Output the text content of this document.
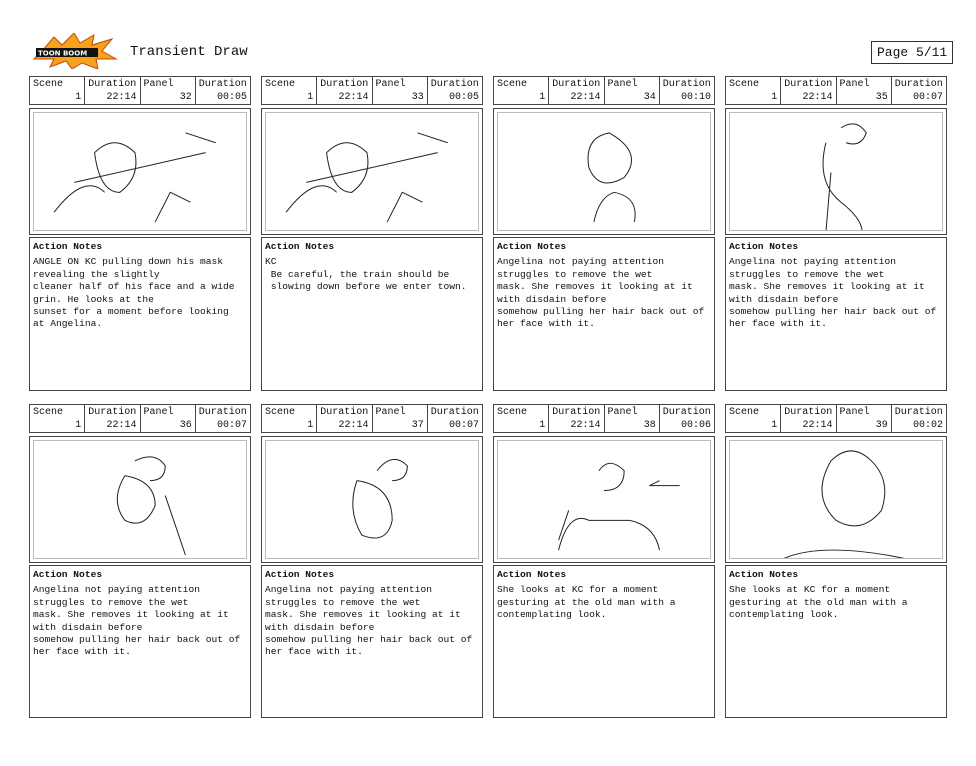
TOON BOOM	Transient Draw	Page 5/11
Scene
1
Duration
22:14
Panel
32
Duration
00:05
Action Notes
ANGLE ON KC pulling down his mask
revealing the slightly
cleaner half of his face and a wide
grin. He looks at the
sunset for a moment before looking
at Angelina.
Scene
1
Duration
22:14
Panel
33
Duration
00:05
Action Notes
KC
Be careful, the train should be
slowing down before we enter town.
Scene
1
Duration
22:14
Panel
34
Duration
00:10
Action Notes
Angelina not paying attention
struggles to remove the wet
mask. She removes it looking at it
with disdain before
somehow pulling her hair back out of
her face with it.
Scene
1
Duration
22:14
Panel
35
Duration
00:07
Action Notes
Angelina not paying attention
struggles to remove the wet
mask. She removes it looking at it
with disdain before
somehow pulling her hair back out of
her face with it.
Scene
1
Duration
22:14
Panel
36
Duration
00:07
Action Notes
Angelina not paying attention
struggles to remove the wet
mask. She removes it looking at it
with disdain before
somehow pulling her hair back out of
her face with it.
Scene
1
Duration
22:14
Panel
37
Duration
00:07
Action Notes
Angelina not paying attention
struggles to remove the wet
mask. She removes it looking at it
with disdain before
somehow pulling her hair back out of
her face with it.
Scene
1
Duration
22:14
Panel
38
Duration
00:06
Action Notes
She looks at KC for a moment
gesturing at the old man with a
contemplating look.
Scene
1
Duration
22:14
Panel
39
Duration
00:02
Action Notes
She looks at KC for a moment
gesturing at the old man with a
contemplating look.
